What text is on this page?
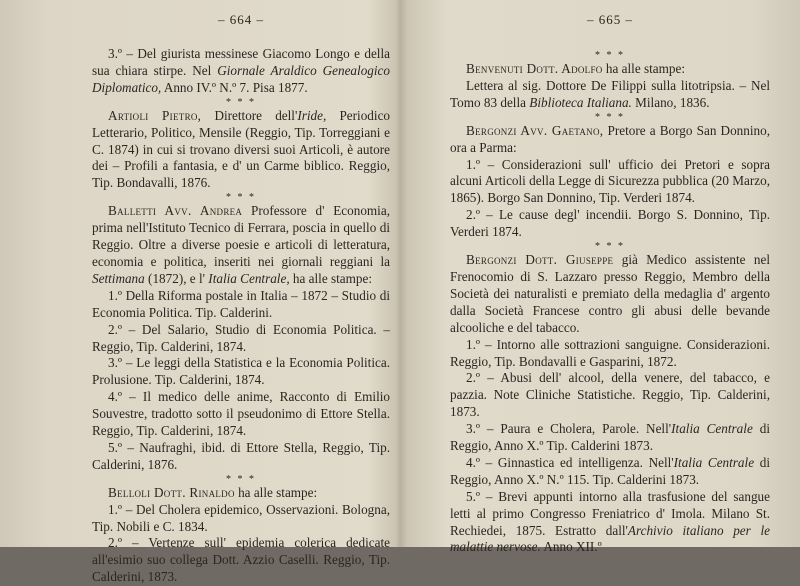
– 664 –

3.º – Del giurista messinese Giacomo Longo e della sua chiara stirpe. Nel Giornale Araldico Genealogico Diplomatico, Anno IV.º N.º 7. Pisa 1877.

* * *

Artioli Pietro, Direttore dell'Iride, Periodico Letterario, Politico, Mensile (Reggio, Tip. Torreggiani e C. 1874) in cui si trovano diversi suoi Articoli, è autore dei – Profili a fantasia, e d' un Carme biblico. Reggio, Tip. Bondavalli, 1876.

* * *

Balletti Avv. Andrea Professore d' Economia, prima nell'Istituto Tecnico di Ferrara, poscia in quello di Reggio. Oltre a diverse poesie e articoli di letteratura, economia e politica, inseriti nei giornali reggiani la Settimana (1872), e l' Italia Centrale, ha alle stampe:

1.º Della Riforma postale in Italia – 1872 – Studio di Economia Politica. Tip. Calderini.

2.º – Del Salario, Studio di Economia Politica. – Reggio, Tip. Calderini, 1874.

3.º – Le leggi della Statistica e la Economia Politica. Prolusione. Tip. Calderini, 1874.

4.º – Il medico delle anime, Racconto di Emilio Souvestre, tradotto sotto il pseudonimo di Ettore Stella. Reggio, Tip. Calderini, 1874.

5.º – Naufraghi, ibid. di Ettore Stella, Reggio, Tip. Calderini, 1876.

* * *

Belloli Dott. Rinaldo ha alle stampe:

1.º – Del Cholera epidemico, Osservazioni. Bologna, Tip. Nobili e C. 1834.

2.º – Vertenze sull' epidemia colerica dedicate all'esimio suo collega Dott. Azzio Caselli. Reggio, Tip. Calderini, 1873.

– 665 –
* * *

Benvenuti Dott. Adolfo ha alle stampe:

Lettera al sig. Dottore De Filippi sulla litotripsia. – Nel Tomo 83 della Biblioteca Italiana. Milano, 1836.

* * *

Bergonzi Avv. Gaetano, Pretore a Borgo San Donnino, ora a Parma:

1.º – Considerazioni sull' ufficio dei Pretori e sopra alcuni Articoli della Legge di Sicurezza pubblica (20 Marzo, 1865). Borgo San Donnino, Tip. Verderi 1874.

2.º – Le cause degl' incendii. Borgo S. Donnino, Tip. Verderi 1874.

* * *

Bergonzi Dott. Giuseppe già Medico assistente nel Frenocomio di S. Lazzaro presso Reggio, Membro della Società dei naturalisti e premiato della medaglia d' argento dalla Società Francese contro gli abusi delle bevande alcooliche e del tabacco.

1.º – Intorno alle sottrazioni sanguigne. Considerazioni. Reggio, Tip. Bondavalli e Gasparini, 1872.

2.º – Abusi dell' alcool, della venere, del tabacco, e pazzia. Note Cliniche Statistiche. Reggio, Tip. Calderini, 1873.

3.º – Paura e Cholera, Parole. Nell'Italia Centrale di Reggio, Anno X.º Tip. Calderini 1873.

4.º – Ginnastica ed intelligenza. Nell'Italia Centrale di Reggio, Anno X.º N.º 115. Tip. Calderini 1873.

5.º – Brevi appunti intorno alla trasfusione del sangue letti al primo Congresso Freniatrico d' Imola. Milano St. Rechiedei, 1875. Estratto dall'Archivio italiano per le malattie nervose. Anno XII.º
